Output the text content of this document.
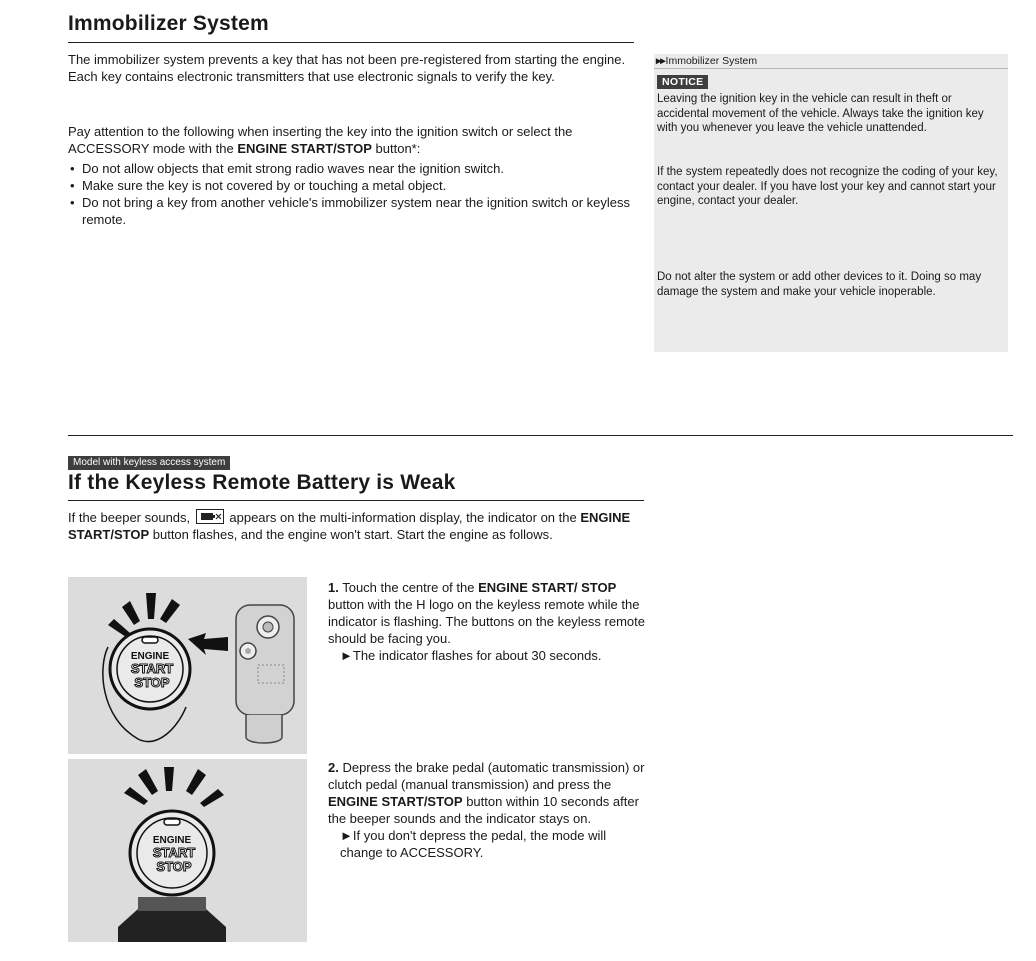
Immobilizer System
The immobilizer system prevents a key that has not been pre-registered from starting the engine. Each key contains electronic transmitters that use electronic signals to verify the key.
Pay attention to the following when inserting the key into the ignition switch or select the ACCESSORY mode with the ENGINE START/STOP button*:
• Do not allow objects that emit strong radio waves near the ignition switch.
• Make sure the key is not covered by or touching a metal object.
• Do not bring a key from another vehicle's immobilizer system near the ignition switch or keyless remote.
▸▸Immobilizer System
NOTICE
Leaving the ignition key in the vehicle can result in theft or accidental movement of the vehicle. Always take the ignition key with you whenever you leave the vehicle unattended.
If the system repeatedly does not recognize the coding of your key, contact your dealer. If you have lost your key and cannot start your engine, contact your dealer.
Do not alter the system or add other devices to it. Doing so may damage the system and make your vehicle inoperable.
Model with keyless access system
If the Keyless Remote Battery is Weak
If the beeper sounds,
appears on the multi-information display, the indicator on the ENGINE START/STOP button flashes, and the engine won't start. Start the engine as follows.
ENGINE
START
STOP
ENGINE
START
STOP
1. Touch the centre of the ENGINE START/ STOP button with the H logo on the keyless remote while the indicator is flashing. The buttons on the keyless remote should be facing you.
►The indicator flashes for about 30 seconds.
2. Depress the brake pedal (automatic transmission) or clutch pedal (manual transmission) and press the ENGINE START/STOP button within 10 seconds after the beeper sounds and the indicator stays on.
►If you don't depress the pedal, the mode will change to ACCESSORY.
